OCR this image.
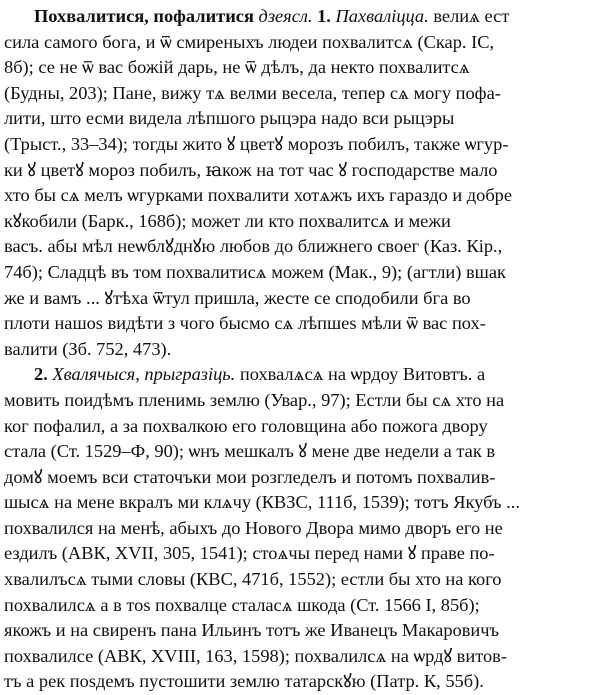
Похвалитися, пофалитися дзеясл. 1. Пахваліцца. велиѧ ест
сила самого бога, и ѿ смиреныхъ людеи похвалитсѧ (Скар. IС,
8б); се не ѿ вас божій дарь, не ѿ дѣлъ, да некто похвалитсѧ
(Будны, 203); Пане, вижу тѧ велми весела, тепер сѧ могу пофа-
лити, што есми видела лѣпшого рыцэра надо вси рыцэры
(Трыст., 33–34); тогды жито ꙋ цветꙋ морозъ побилъ, также ѡгур-
ки ꙋ цветꙋ мороз побилъ, ꙗкож на тот час ꙋ господарстве мало
хто бы сѧ мелъ ѡгурками похвалити хотѧжъ ихъ гараздо и добре
кꙋкобили (Барк., 168б); может ли кто похвалитсѧ и межи
васъ. абы мѣл неѡблꙋднꙋю любов до ближнего своег (Каз. Кір.,
74б); Сладцѣ въ том похвалитисѧ можем (Мак., 9); (агтли) вшак
же и вамъ ... ꙋтѣха ѿтул пришла, жесте се сподобили бга во
плоти нашоѕ видѣти з чого бысмо сѧ лѣпшеѕ мѣли ѿ вас пох-
валити (Зб. 752, 473).

2. Хвалячыся, прыгразіць. похвалѧсѧ на ѡрдоу Витовтъ. а
мовить поидѣмъ пленимь землю (Увар., 97); Естли бы сѧ хто на
ког пофалил, а за похвалкою его головщина або пожога двору
стала (Ст. 1529–Ф, 90); ѡнъ мешкалъ ꙋ мене две недели а так в
домꙋ моемъ вси статочъки мои розгледелъ и потомъ похвалив-
шысѧ на мене вкралъ ми клѧчу (КВЗС, 111б, 1539); тотъ Якубъ ...
похвалился на менѣ, абыхъ до Нового Двора мимо дворъ его не
ездилъ (АВК, XVII, 305, 1541); стоѧчы перед нами ꙋ праве по-
хвалилъсѧ тыми словы (КВС, 471б, 1552); естли бы хто на кого
похвалилсѧ а в тоѕ похвалце сталасѧ шкода (Ст. 1566 I, 85б);
якожъ и на свиренъ пана Ильинъ тотъ же Иванецъ Макаровичъ
похвалилсе (АВК, XVIII, 163, 1598); похвалилсѧ на ѡрдꙋ витов-
тъ а рек поѕдемъ пустошити землю татарскꙋю (Патр. К, 55б).
